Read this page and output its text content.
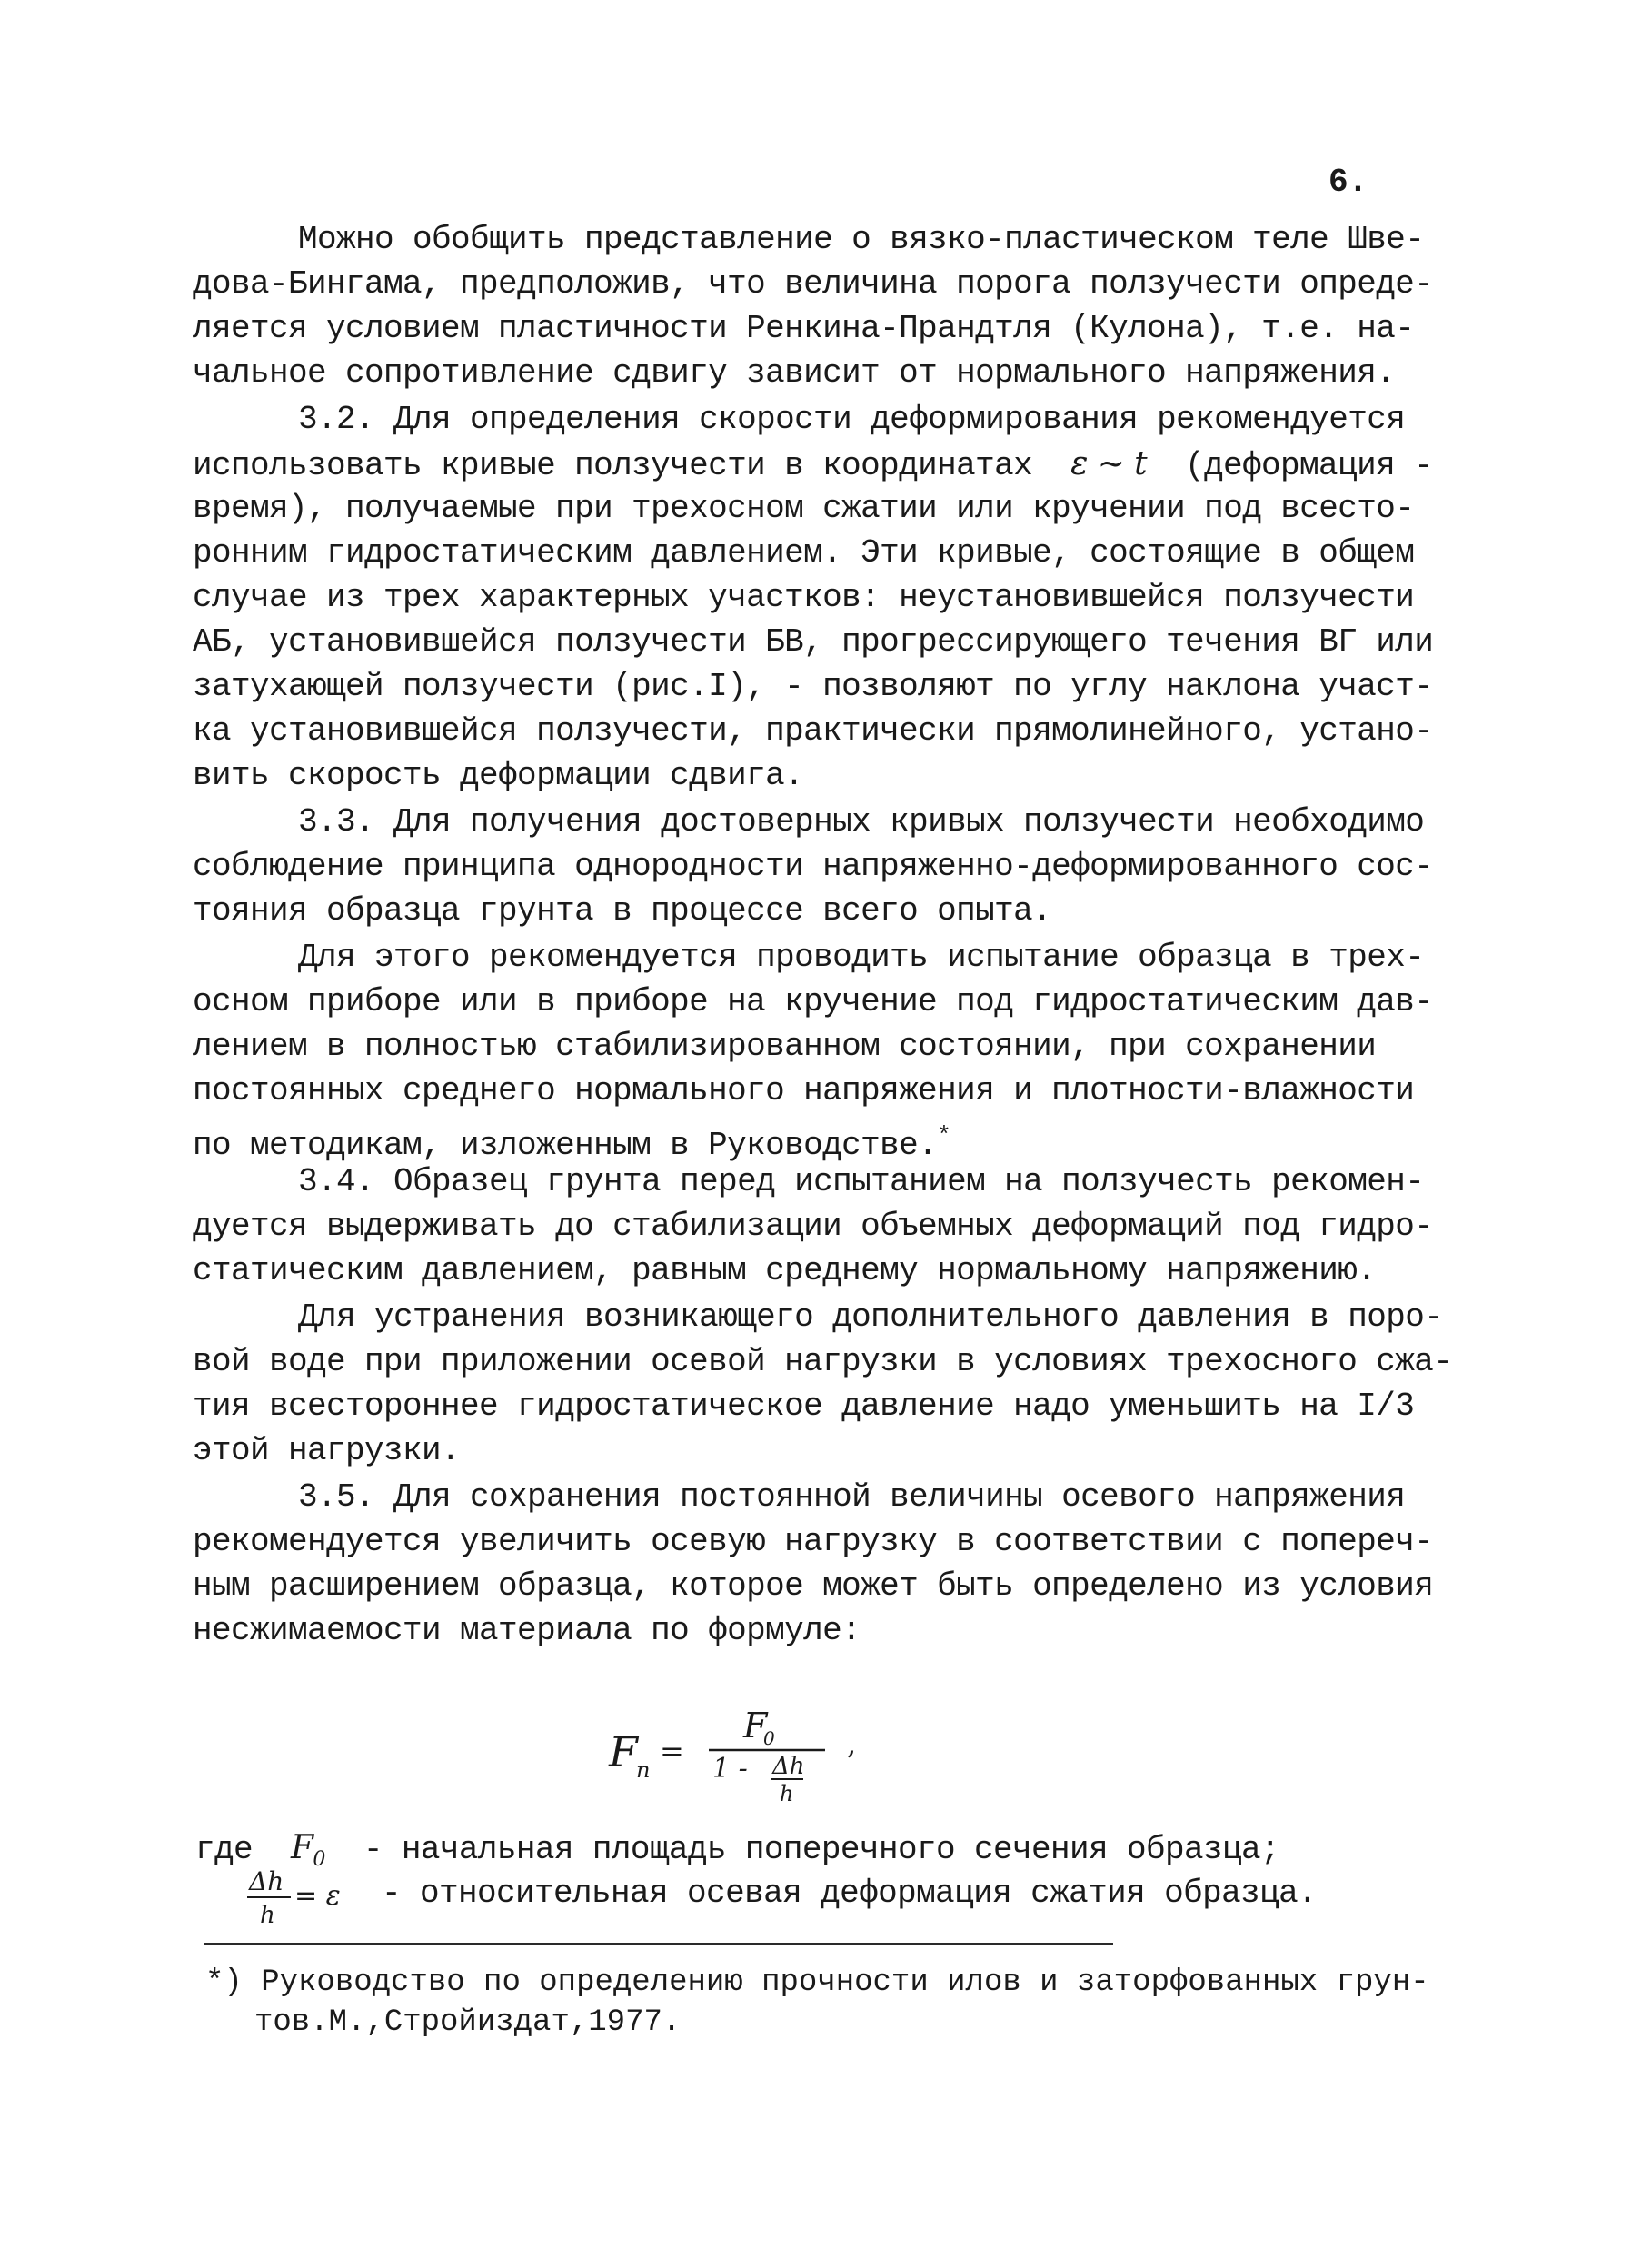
6.
Можно обобщить представление о вязко-пластическом теле Шве-
дова-Бингама, предположив, что величина порога ползучести опреде-
ляется условием пластичности Ренкина-Прандтля (Кулона), т.е. на-
чальное сопротивление сдвигу зависит от нормального напряжения.
3.2. Для определения скорости деформирования рекомендуется
использовать кривые ползучести в координатах ε ~ t (деформация -
время), получаемые при трехосном сжатии или кручении под всесто-
ронним гидростатическим давлением. Эти кривые, состоящие в общем
случае из трех характерных участков: неустановившейся ползучести
АБ, установившейся ползучести БВ, прогрессирующего течения ВГ или
затухающей ползучести (рис.I), - позволяют по углу наклона участ-
ка установившейся ползучести, практически прямолинейного, устано-
вить скорость деформации сдвига.
3.3. Для получения достоверных кривых ползучести необходимо
соблюдение принципа однородности напряженно-деформированного сос-
тояния образца грунта в процессе всего опыта.
Для этого рекомендуется проводить испытание образца в трех-
осном приборе или в приборе на кручение под гидростатическим дав-
лением в полностью стабилизированном состоянии, при сохранении
постоянных среднего нормального напряжения и плотности-влажности
по методикам, изложенным в Руководстве.*
3.4. Образец грунта перед испытанием на ползучесть рекомен-
дуется выдерживать до стабилизации объемных деформаций под гидро-
статическим давлением, равным среднему нормальному напряжению.
Для устранения возникающего дополнительного давления в поро-
вой воде при приложении осевой нагрузки в условиях трехосного сжа-
тия всестороннее гидростатическое давление надо уменьшить на I/3
этой нагрузки.
3.5. Для сохранения постоянной величины осевого напряжения
рекомендуется увеличить осевую нагрузку в соответствии с попереч-
ным расширением образца, которое может быть определено из условия
несжимаемости материала по формуле:
F
n
=
F
0
1 - Δh
h
,
где $F_0$ - начальная площадь поперечного сечения образца;
Δh
h
= ε - относительная осевая деформация сжатия образца.
*) Руководство по определению прочности илов и заторфованных грун-
тов.М.,Стройиздат,1977.
